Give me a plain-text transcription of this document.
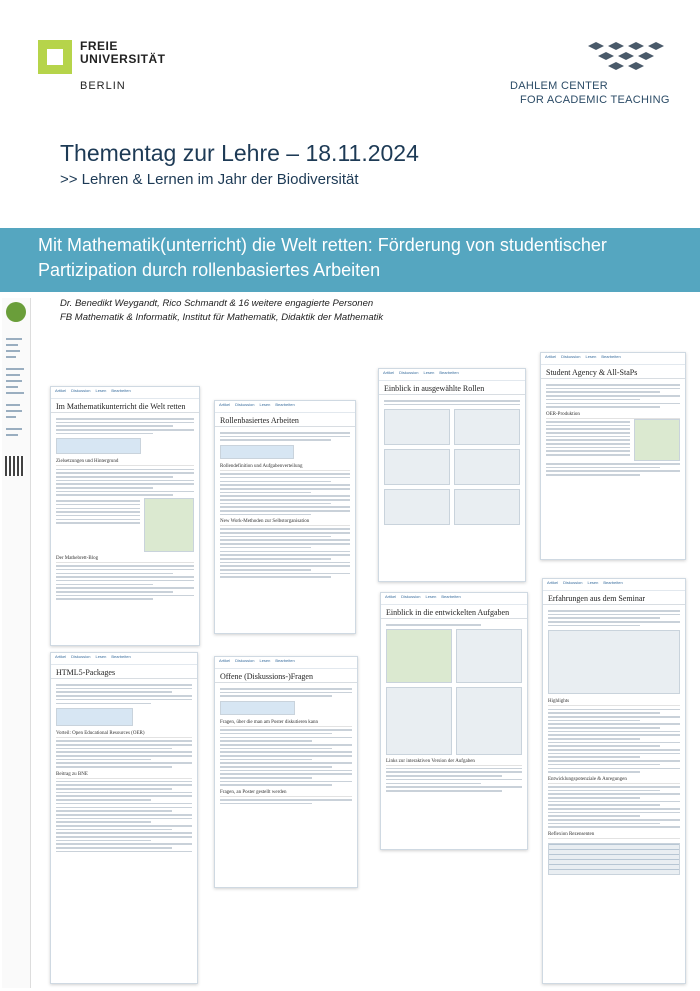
FREIE
UNIVERSITÄT
BERLIN	DAHLEM CENTER
FOR ACADEMIC TEACHING
Thementag zur Lehre – 18.11.2024
>> Lehren & Lernen im Jahr der Biodiversität
Mit Mathematik(unterricht) die Welt retten: Förderung von studentischer Partizipation durch rollenbasiertes Arbeiten
Dr. Benedikt Weygandt, Rico Schmandt & 16 weitere engagierte Personen
FB Mathematik & Informatik, Institut für Mathematik, Didaktik der Mathematik
Artikel Diskussion Lesen Bearbeiten
Im Mathematikunterricht die Welt retten
Zielsetzungen und Hintergrund
Der Mathebrett-Blog
Artikel Diskussion Lesen Bearbeiten
Rollenbasiertes Arbeiten
Rollendefinition und Aufgabenverteilung
New Work-Methoden zur Selbstorganisation
Artikel Diskussion Lesen Bearbeiten
Einblick in ausgewählte Rollen
Artikel Diskussion Lesen Bearbeiten
Student Agency & All-StaPs
OER-Produktion
Artikel Diskussion Lesen Bearbeiten
HTML5-Packages
Vorteil: Open Educational Resources (OER)
Beitrag zu BNE
Artikel Diskussion Lesen Bearbeiten
Offene (Diskussions-)Fragen
Fragen, über die man am Poster diskutieren kann
Fragen, an Poster gestellt werden
Artikel Diskussion Lesen Bearbeiten
Einblick in die entwickelten Aufgaben
Links zur interaktiven Version der Aufgaben
Artikel Diskussion Lesen Bearbeiten
Erfahrungen aus dem Seminar
Highlights
Entwicklungspotenziale & Anregungen
Reflexion Rezensenten
